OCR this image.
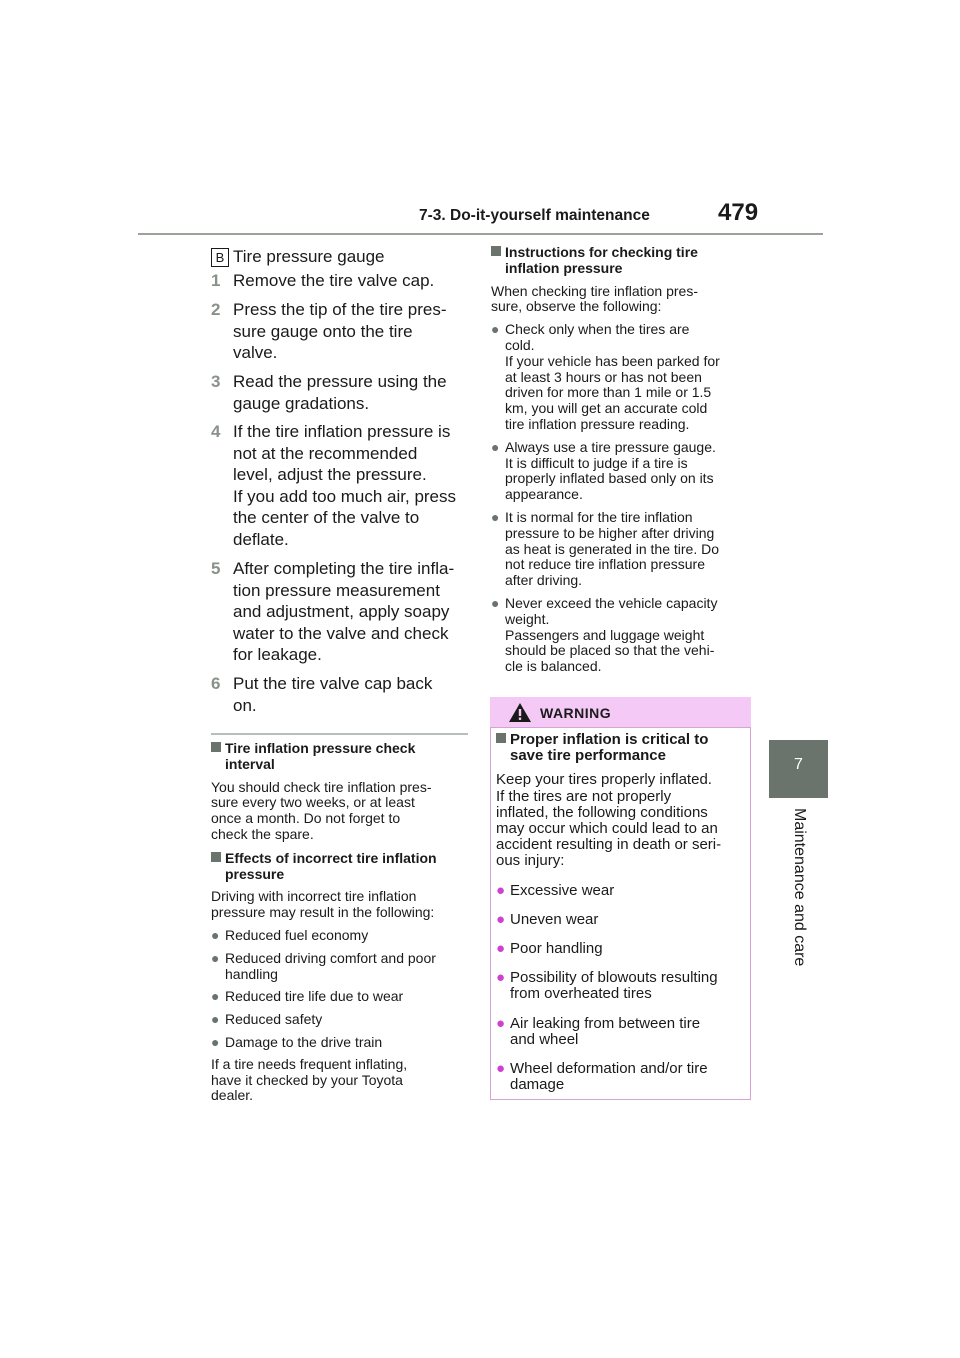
7-3. Do-it-yourself maintenance	479
7
Maintenance and care
B Tire pressure gauge
1 Remove the tire valve cap.
2 Press the tip of the tire pres-
sure gauge onto the tire
valve.
3 Read the pressure using the
gauge gradations.
4 If the tire inflation pressure is
not at the recommended
level, adjust the pressure.
If you add too much air, press
the center of the valve to
deflate.
5 After completing the tire infla-
tion pressure measurement
and adjustment, apply soapy
water to the valve and check
for leakage.
6 Put the tire valve cap back
on.
Tire inflation pressure check
interval
You should check tire inflation pres-
sure every two weeks, or at least
once a month. Do not forget to
check the spare.
Effects of incorrect tire inflation
pressure
Driving with incorrect tire inflation
pressure may result in the following:
● Reduced fuel economy
● Reduced driving comfort and poor
handling
● Reduced tire life due to wear
● Reduced safety
● Damage to the drive train
If a tire needs frequent inflating,
have it checked by your Toyota
dealer.
Instructions for checking tire
inflation pressure
When checking tire inflation pres-
sure, observe the following:
● Check only when the tires are
cold.
If your vehicle has been parked for
at least 3 hours or has not been
driven for more than 1 mile or 1.5
km, you will get an accurate cold
tire inflation pressure reading.
● Always use a tire pressure gauge.
It is difficult to judge if a tire is
properly inflated based only on its
appearance.
● It is normal for the tire inflation
pressure to be higher after driving
as heat is generated in the tire. Do
not reduce tire inflation pressure
after driving.
● Never exceed the vehicle capacity
weight.
Passengers and luggage weight
should be placed so that the vehi-
cle is balanced.
WARNING
Proper inflation is critical to
save tire performance
Keep your tires properly inflated.
If the tires are not properly
inflated, the following conditions
may occur which could lead to an
accident resulting in death or seri-
ous injury:
● Excessive wear
● Uneven wear
● Poor handling
● Possibility of blowouts resulting
from overheated tires
● Air leaking from between tire
and wheel
● Wheel deformation and/or tire
damage
